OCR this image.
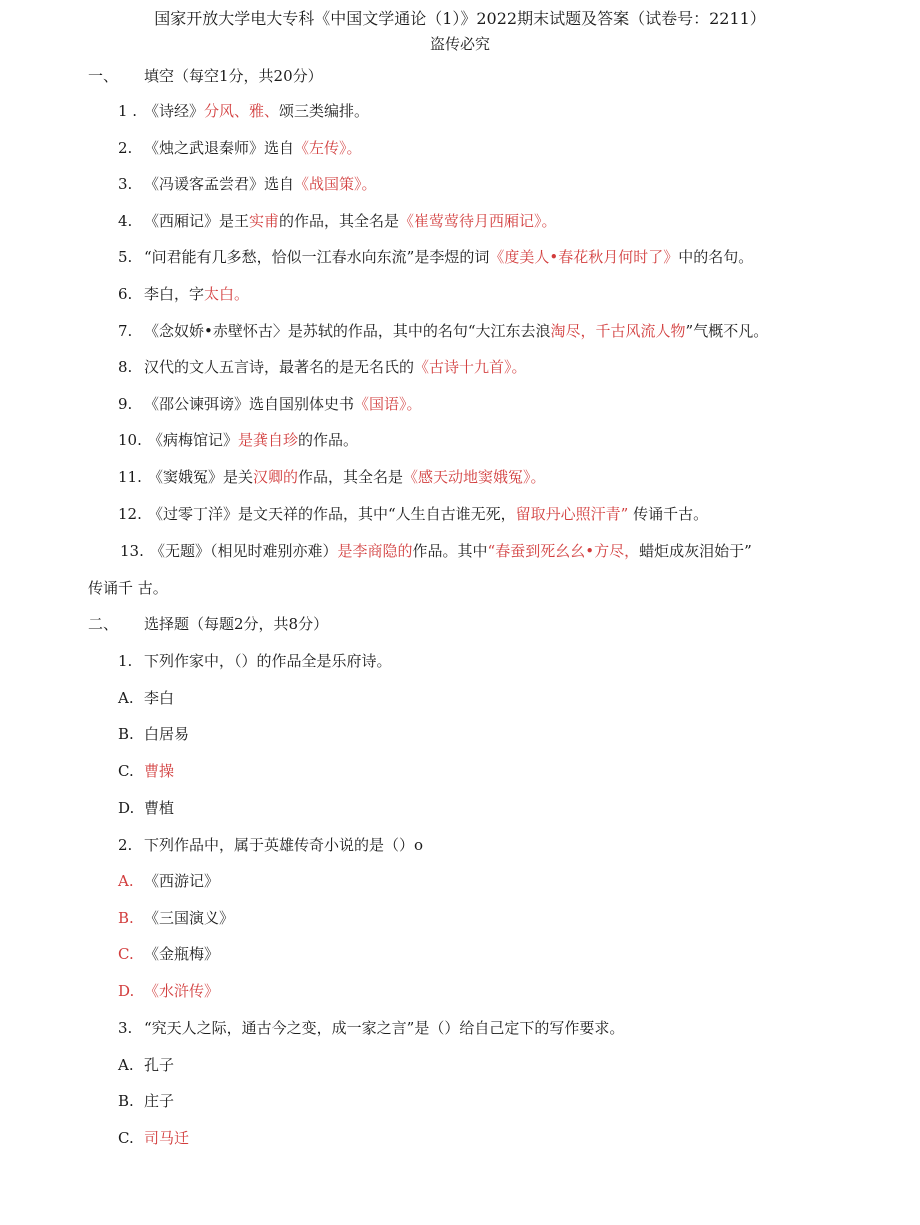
国家开放大学电大专科《中国文学通论（1）》2022期末试题及答案（试卷号：2211）
盗传必究
一、 填空（每空1分，共20分）
1 . 《诗经》分风、雅、颂三类编排。
2. 《烛之武退秦师》选自《左传》。
3. 《冯谖客孟尝君》选自《战国策》。
4. 《西厢记》是王实甫的作品，其全名是《崔莺莺待月西厢记》。
5. “问君能有几多愁，恰似一江春水向东流”是李煜的词《度美人•春花秋月何时了》中的名句。
6. 李白，字太白。
7. 《念奴娇•赤壁怀古〉是苏轼的作品，其中的名句“大江东去浪淘尽，千古风流人物”气概不凡。
8. 汉代的文人五言诗，最著名的是无名氏的《古诗十九首》。
9. 《邵公谏弭谤》选自国别体史书《国语》。
10. 《病梅馆记》是龚自珍的作品。
11. 《窦娥冤》是关汉卿的作品，其全名是《感天动地窦娥冤》。
12. 《过零丁洋》是文天祥的作品，其中“人生自古谁无死，留取丹心照汗青” 传诵千古。
13. 《无题》（相见时难别亦难）是李商隐的作品。其中“春蚕到死幺幺•方尽，蜡炬成灰泪始于”
传诵千 古。
二、 选择题（每题2分，共8分）
1. 下列作家中，（）的作品全是乐府诗。
A. 李白
B. 白居易
C. 曹操
D. 曹植
2. 下列作品中，属于英雄传奇小说的是（）o
A. 《西游记》
B. 《三国演义》
C. 《金瓶梅》
D. 《水浒传》
3. “究天人之际，通古今之变，成一家之言”是（）给自己定下的写作要求。
A. 孔子
B. 庄子
C. 司马迁
